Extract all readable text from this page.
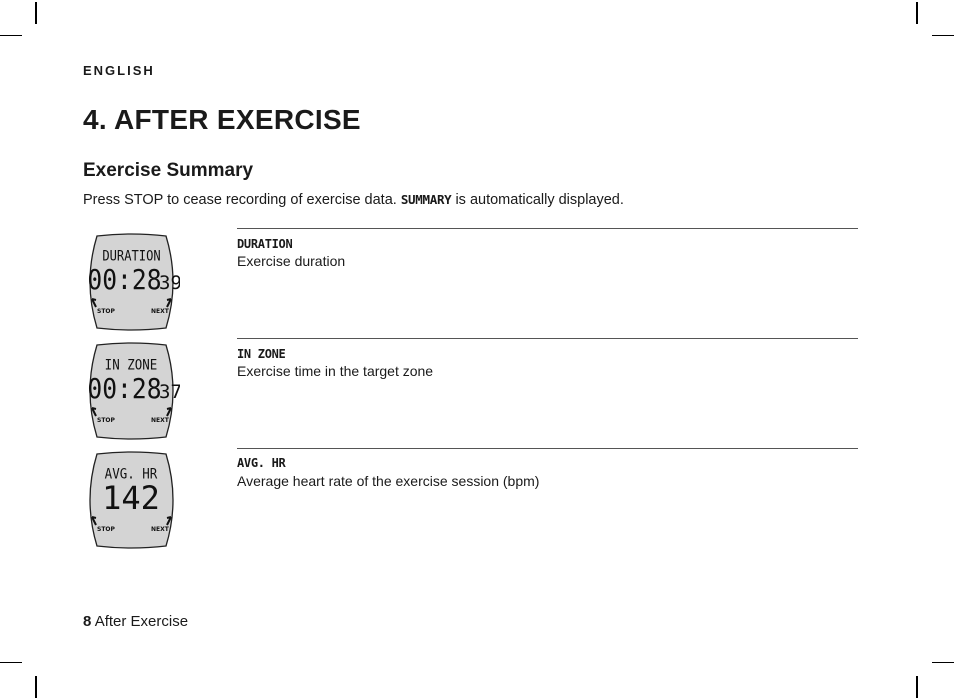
ENGLISH
4. AFTER EXERCISE
Exercise Summary
Press STOP to cease recording of exercise data. SUMMARY is automatically displayed.
DURATION
Exercise duration
DURATION
00:28
39
STOP	NEXT
IN ZONE
Exercise time in the target zone
IN ZONE
00:28
37
STOP	NEXT
AVG. HR
Average heart rate of the exercise session (bpm)
AVG. HR
142
STOP	NEXT
8 After Exercise
